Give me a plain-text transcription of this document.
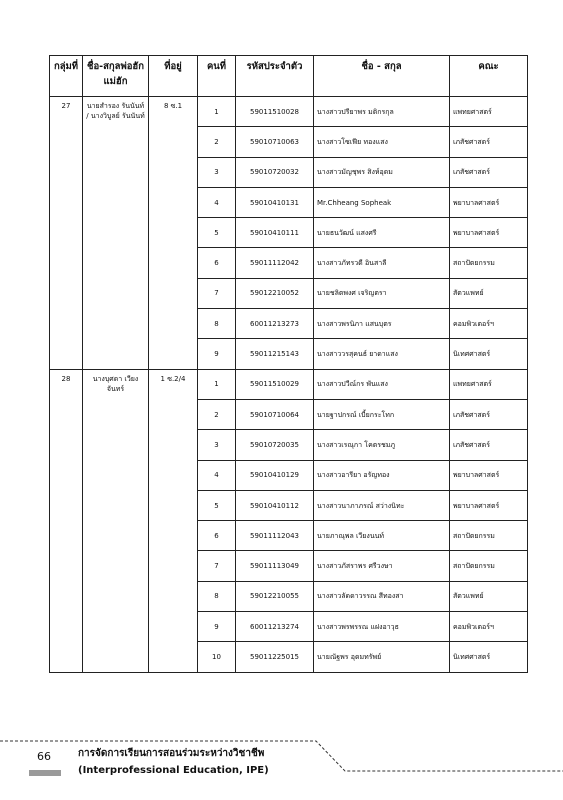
กลุ่มที่	ชื่อ-สกุลพ่อฮักแม่ฮัก	ที่อยู่	คนที่	รหัสประจำตัว	ชื่อ - สกุล	คณะ
27	นายสำรอง รันนันท์ / นางวิบูลย์ รันนันท์	8 ซ.1	1	59011510028	นางสาวปรียาพร มติกรกุล	แพทยศาสตร์
			2	59010710063	นางสาวโซเฟีย ทองแสง	เภสัชศาสตร์
			3	59010720032	นางสาวมัญชุพร สิงห์อุดม	เภสัชศาสตร์
			4	59010410131	Mr.Chheang Sopheak	พยาบาลศาสตร์
			5	59010410111	นายธนวัฒน์ แสงศรี	พยาบาลศาสตร์
			6	59011112042	นางสาวภัทรวดี อินสาลี	สถาปัตยกรรม
			7	59012210052	นายชลิตพงศ เจริญตรา	สัตวแพทย์
			8	60011213273	นางสาวพรนิภา แสนบุตร	คอมพิวเตอร์ฯ
			9	59011215143	นางสาววรสุคนธ์ ยาดาแสง	นิเทศศาสตร์
28	นางบุศดา เวียงจันทร์	1 ซ.2/4	1	59011510029	นางสาวปวีณ์กร พันแสง	แพทยศาสตร์
			2	59010710064	นายฐาปกรณ์ เบี้ยกระโทก	เภสัชศาสตร์
			3	59010720035	นางสาวเรณุกา โคตรชมภู	เภสัชศาสตร์
			4	59010410129	นางสาวอารียา อรัญทอง	พยาบาลศาสตร์
			5	59010410112	นางสาวนาภาภรณ์ สว่างนิทะ	พยาบาลศาสตร์
			6	59011112043	นายภาณุพล เวียงนนท์	สถาปัตยกรรม
			7	59011113049	นางสาวภัสราพร ศรีวงษา	สถาปัตยกรรม
			8	59012210055	นางสาวลัดดาวรรณ สีทองสา	สัตวแพทย์
			9	60011213274	นางสาวพรพรรณ แฝงอาวุธ	คอมพิวเตอร์ฯ
			10	59011225015	นายณัฐพร อุดมทรัพย์	นิเทศศาสตร์
66	การจัดการเรียนการสอนร่วมระหว่างวิชาชีพ
(Interprofessional Education, IPE)
